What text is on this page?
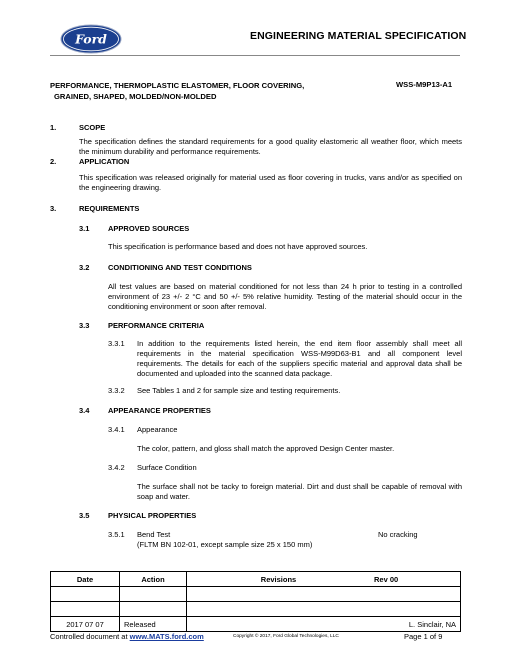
Ford	ENGINEERING MATERIAL SPECIFICATION
PERFORMANCE, THERMOPLASTIC ELASTOMER, FLOOR COVERING,
GRAINED, SHAPED, MOLDED/NON-MOLDED
WSS-M9P13-A1
1.	SCOPE
The specification defines the standard requirements for a good quality elastomeric all weather floor, which meets the minimum durability and performance requirements.
2.	APPLICATION
This specification was released originally for material used as floor covering in trucks, vans and/or as specified on the engineering drawing.
3.	REQUIREMENTS
3.1 APPROVED SOURCES
This specification is performance based and does not have approved sources.
3.2 CONDITIONING AND TEST CONDITIONS
All test values are based on material conditioned for not less than 24 h prior to testing in a controlled environment of 23 +/- 2 °C and 50 +/- 5% relative humidity. Testing of the material should occur in the conditioning environment or soon after removal.
3.3 PERFORMANCE CRITERIA
3.3.1 In addition to the requirements listed herein, the end item floor assembly shall meet all requirements in the material specification WSS-M99D63-B1 and all component level requirements. The details for each of the suppliers specific material and approval data shall be documented and uploaded into the scanned data package.
3.3.2 See Tables 1 and 2 for sample size and testing requirements.
3.4 APPEARANCE PROPERTIES
3.4.1 Appearance
The color, pattern, and gloss shall match the approved Design Center master.
3.4.2 Surface Condition
The surface shall not be tacky to foreign material. Dirt and dust shall be capable of removal with soap and water.
3.5 PHYSICAL PROPERTIES
3.5.1 Bend Test	No cracking
(FLTM BN 102-01, except sample size 25 x 150 mm)
Date	Action	Revisions	Rev 00

2017 07 07	Released	L. Sinclair, NA	
Controlled document at www.MATS.ford.com	Copyright © 2017, Ford Global Technologies, LLC	Page 1 of 9
